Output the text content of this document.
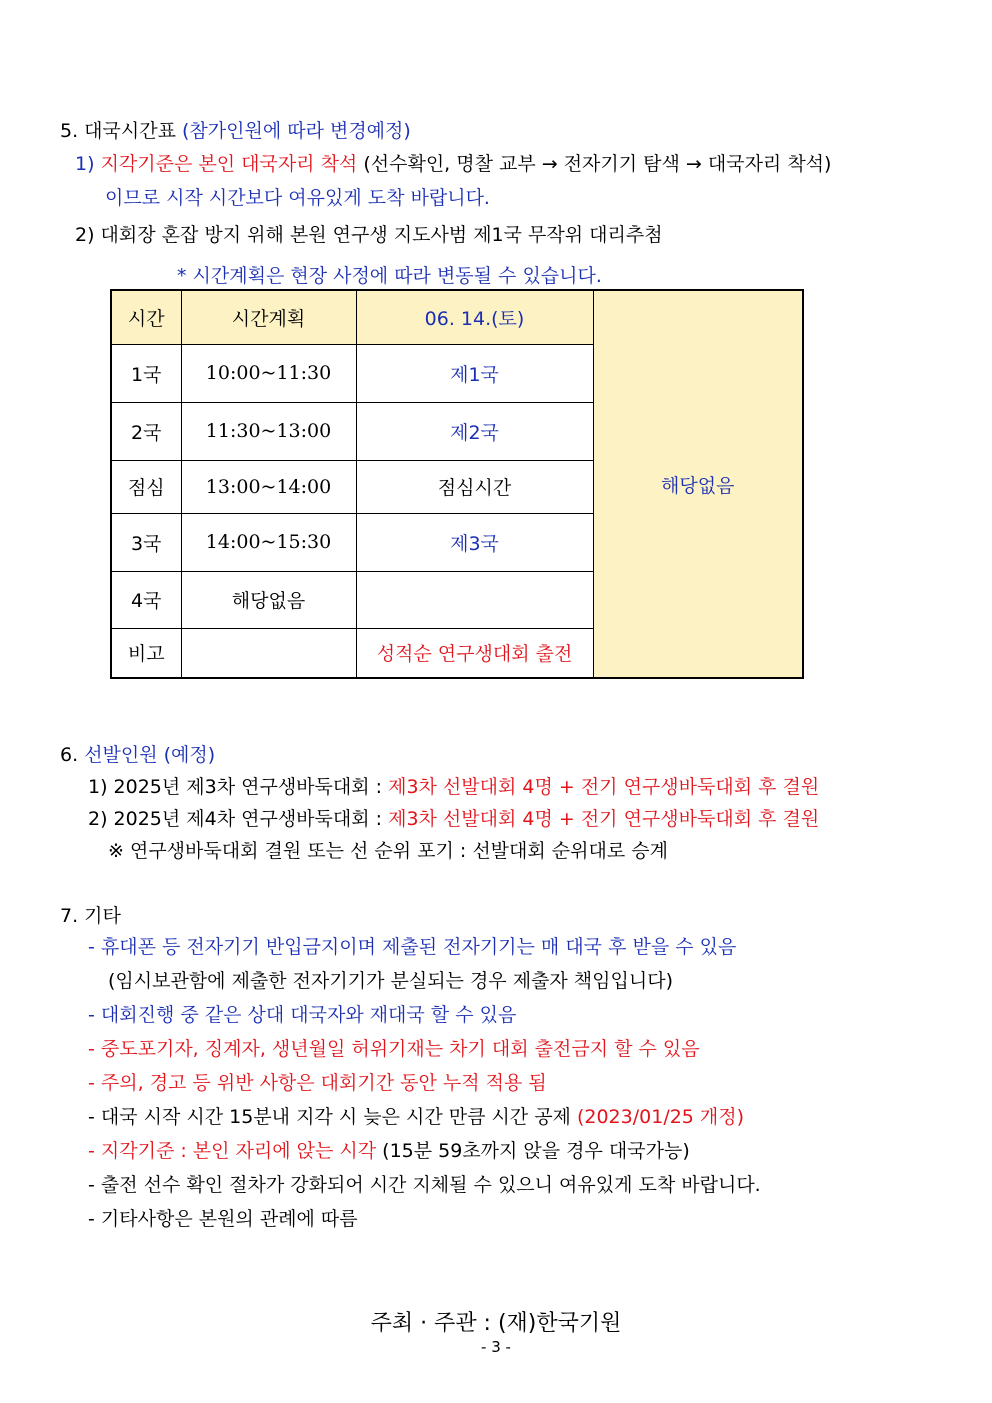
5. 대국시간표 (참가인원에 따라 변경예정)
1) 지각기준은 본인 대국자리 착석 (선수확인, 명찰 교부 → 전자기기 탐색 → 대국자리 착석)
이므로 시작 시간보다 여유있게 도착 바랍니다.
2) 대회장 혼잡 방지 위해 본원 연구생 지도사범 제1국 무작위 대리추첨
* 시간계획은 현장 사정에 따라 변동될 수 있습니다.
시간	시간계획	06. 14.(토)	해당없음
1국	10:00~11:30	제1국	
2국	11:30~13:00	제2국	
점심	13:00~14:00	점심시간	
3국	14:00~15:30	제3국	
4국	해당없음		
비고		성적순 연구생대회 출전	
6. 선발인원 (예정)
1) 2025년 제3차 연구생바둑대회 : 제3차 선발대회 4명 + 전기 연구생바둑대회 후 결원
2) 2025년 제4차 연구생바둑대회 : 제3차 선발대회 4명 + 전기 연구생바둑대회 후 결원
※ 연구생바둑대회 결원 또는 선 순위 포기 : 선발대회 순위대로 승계
7. 기타
- 휴대폰 등 전자기기 반입금지이며 제출된 전자기기는 매 대국 후 받을 수 있음
(임시보관함에 제출한 전자기기가 분실되는 경우 제출자 책임입니다)
- 대회진행 중 같은 상대 대국자와 재대국 할 수 있음
- 중도포기자, 징계자, 생년월일 허위기재는 차기 대회 출전금지 할 수 있음
- 주의, 경고 등 위반 사항은 대회기간 동안 누적 적용 됨
- 대국 시작 시간 15분내 지각 시 늦은 시간 만큼 시간 공제 (2023/01/25 개정)
- 지각기준 : 본인 자리에 앉는 시각 (15분 59초까지 앉을 경우 대국가능)
- 출전 선수 확인 절차가 강화되어 시간 지체될 수 있으니 여유있게 도착 바랍니다.
- 기타사항은 본원의 관례에 따름
주최 · 주관 : (재)한국기원
- 3 -
